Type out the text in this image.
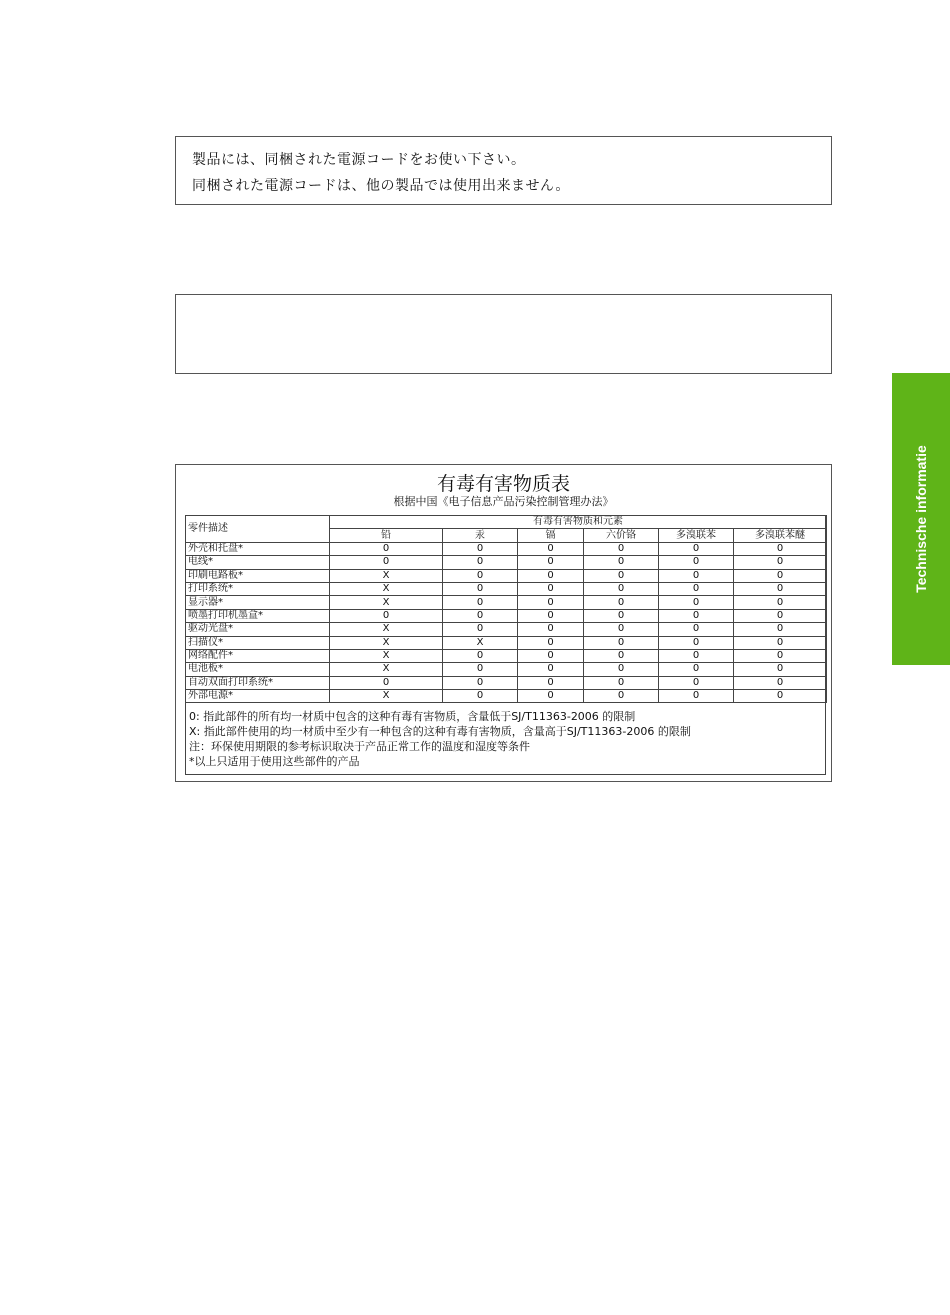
製品には、同梱された電源コードをお使い下さい。

同梱された電源コードは、他の製品では使用出来ません。

有毒有害物质表
根据中国《电子信息产品污染控制管理办法》
零件描述	有毒有害物质和元素					
	铅	汞	镉	六价铬	多溴联苯	多溴联苯醚
外壳和托盘*	0	0	0	0	0	0
电线*	0	0	0	0	0	0
印刷电路板*	X	0	0	0	0	0
打印系统*	X	0	0	0	0	0
显示器*	X	0	0	0	0	0
喷墨打印机墨盒*	0	0	0	0	0	0
驱动光盘*	X	0	0	0	0	0
扫描仪*	X	X	0	0	0	0
网络配件*	X	0	0	0	0	0
电池板*	X	0	0	0	0	0
自动双面打印系统*	0	0	0	0	0	0
外部电源*	X	0	0	0	0	0
0: 指此部件的所有均一材质中包含的这种有毒有害物质，含量低于SJ/T11363-2006 的限制
X: 指此部件使用的均一材质中至少有一种包含的这种有毒有害物质，含量高于SJ/T11363-2006 的限制
注：环保使用期限的参考标识取决于产品正常工作的温度和湿度等条件
*以上只适用于使用这些部件的产品
Technische informatie
